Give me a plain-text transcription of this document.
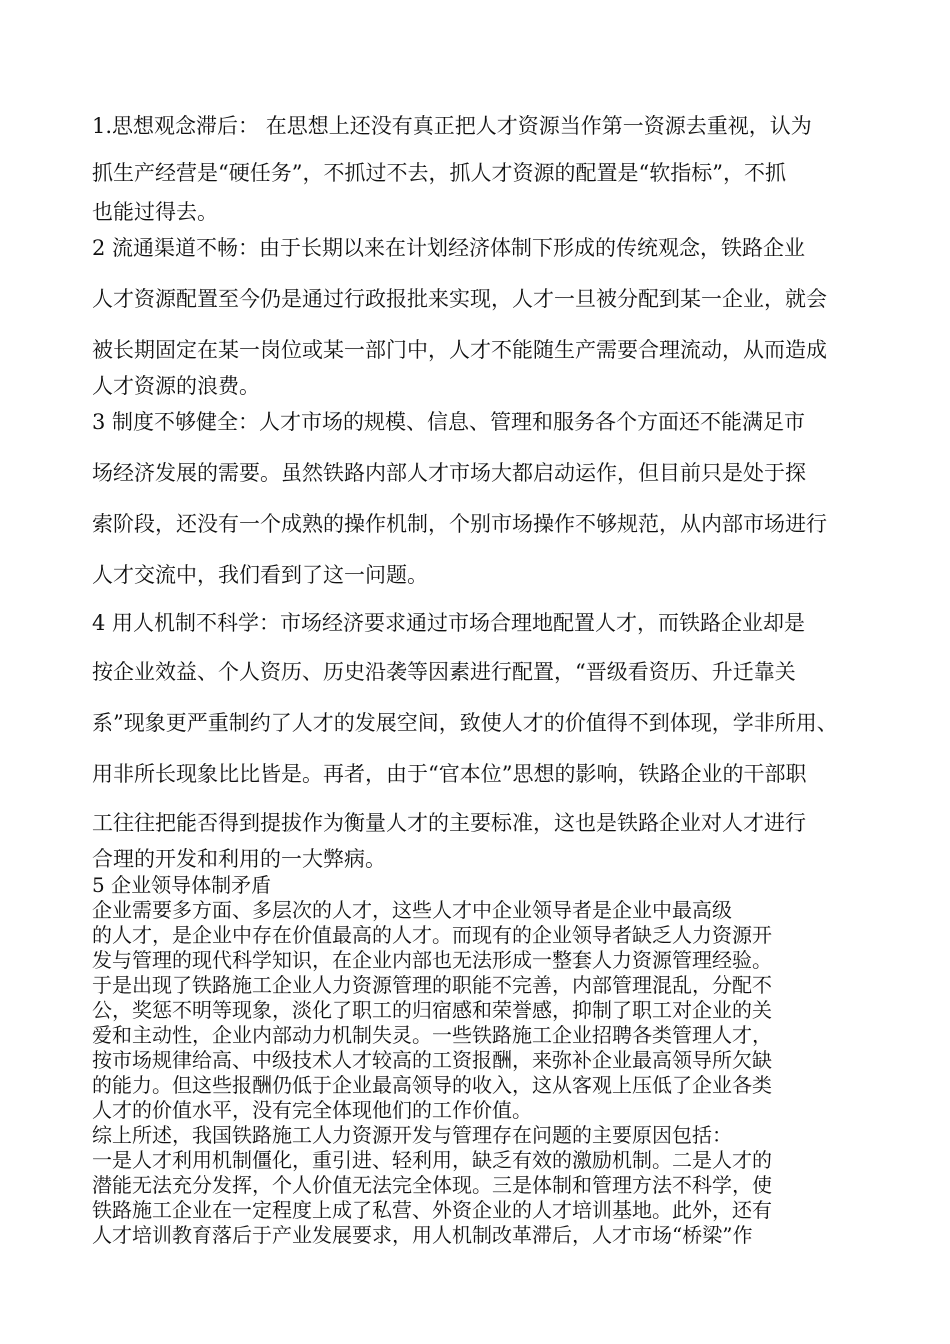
1.思想观念滞后： 在思想上还没有真正把人才资源当作第一资源去重视，认为
抓生产经营是“硬任务”，不抓过不去，抓人才资源的配置是“软指标”，不抓
也能过得去。
2 流通渠道不畅：由于长期以来在计划经济体制下形成的传统观念，铁路企业
人才资源配置至今仍是通过行政报批来实现，人才一旦被分配到某一企业，就会
被长期固定在某一岗位或某一部门中，人才不能随生产需要合理流动，从而造成
人才资源的浪费。
3 制度不够健全：人才市场的规模、信息、管理和服务各个方面还不能满足市
场经济发展的需要。虽然铁路内部人才市场大都启动运作，但目前只是处于探
索阶段，还没有一个成熟的操作机制，个别市场操作不够规范，从内部市场进行
人才交流中，我们看到了这一问题。
4 用人机制不科学：市场经济要求通过市场合理地配置人才，而铁路企业却是
按企业效益、个人资历、历史沿袭等因素进行配置，“晋级看资历、升迁靠关
系”现象更严重制约了人才的发展空间，致使人才的价值得不到体现，学非所用、
用非所长现象比比皆是。再者，由于“官本位”思想的影响，铁路企业的干部职
工往往把能否得到提拔作为衡量人才的主要标准，这也是铁路企业对人才进行
合理的开发和利用的一大弊病。
5 企业领导体制矛盾
企业需要多方面、多层次的人才，这些人才中企业领导者是企业中最高级
的人才，是企业中存在价值最高的人才。而现有的企业领导者缺乏人力资源开
发与管理的现代科学知识，在企业内部也无法形成一整套人力资源管理经验。
于是出现了铁路施工企业人力资源管理的职能不完善，内部管理混乱，分配不
公，奖惩不明等现象，淡化了职工的归宿感和荣誉感，抑制了职工对企业的关
爱和主动性，企业内部动力机制失灵。一些铁路施工企业招聘各类管理人才，
按市场规律给高、中级技术人才较高的工资报酬，来弥补企业最高领导所欠缺
的能力。但这些报酬仍低于企业最高领导的收入，这从客观上压低了企业各类
人才的价值水平，没有完全体现他们的工作价值。
综上所述，我国铁路施工人力资源开发与管理存在问题的主要原因包括：
一是人才利用机制僵化，重引进、轻利用，缺乏有效的激励机制。二是人才的
潜能无法充分发挥，个人价值无法完全体现。三是体制和管理方法不科学，使
铁路施工企业在一定程度上成了私营、外资企业的人才培训基地。此外，还有
人才培训教育落后于产业发展要求，用人机制改革滞后，人才市场“桥梁”作
